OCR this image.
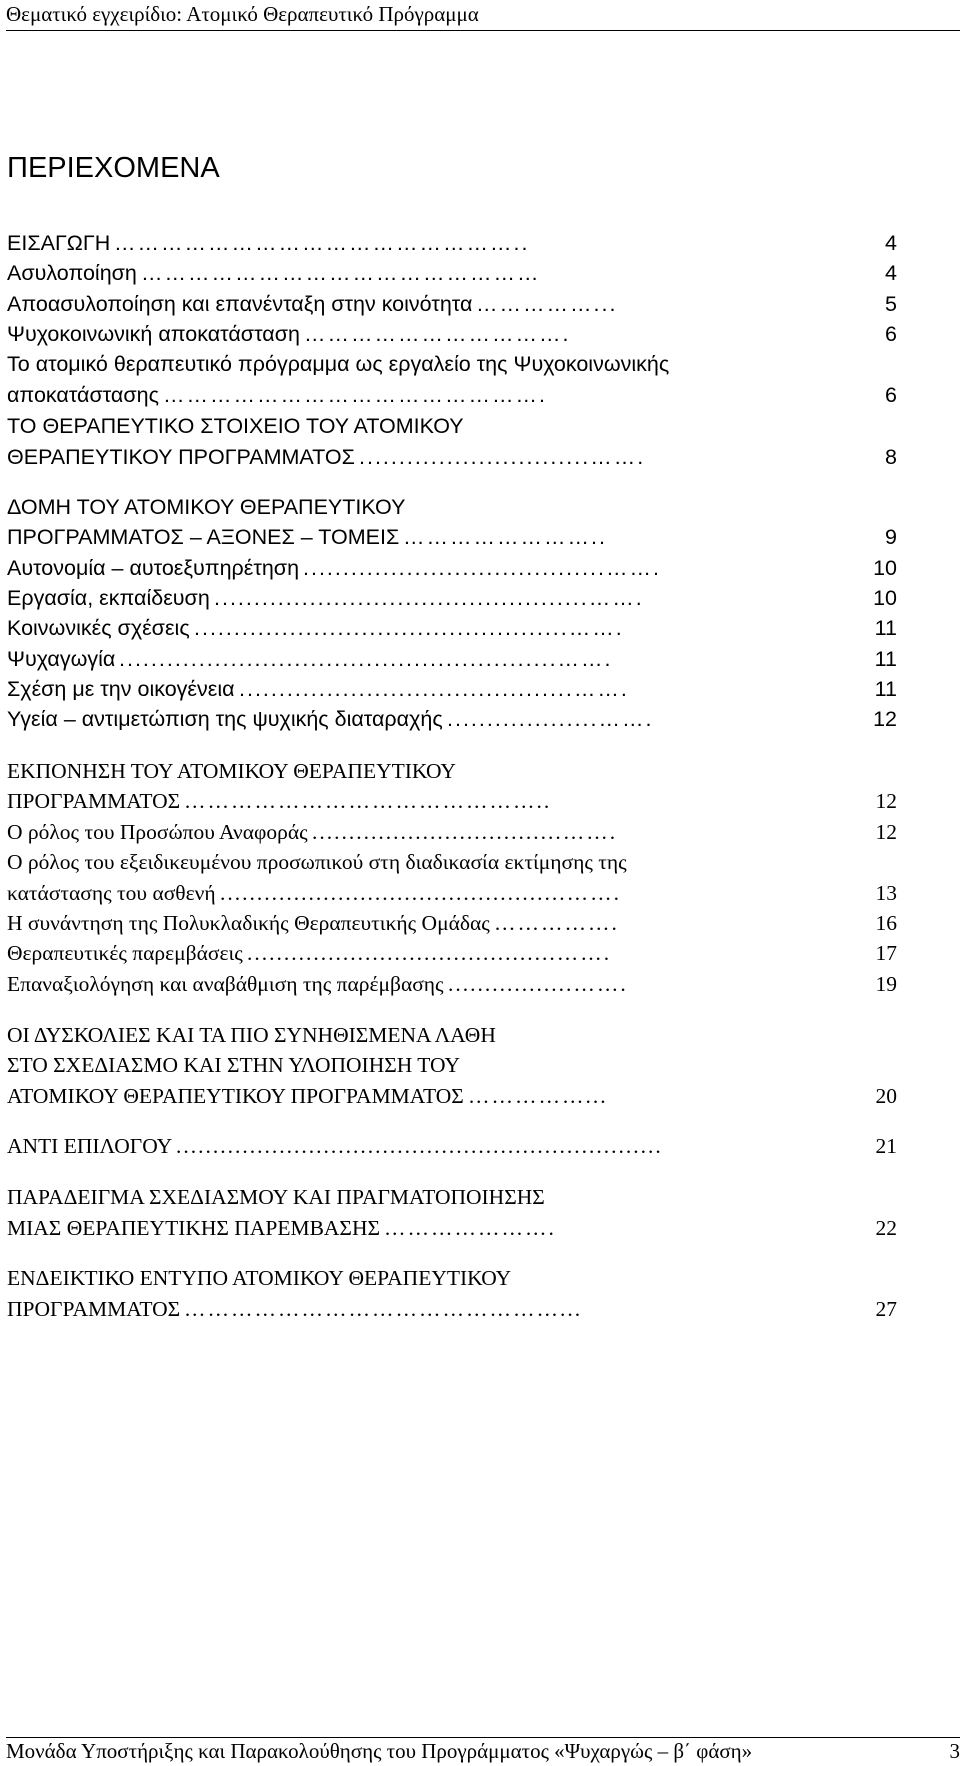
Θεματικό εγχειρίδιο: Ατομικό Θεραπευτικό Πρόγραμμα
ΠΕΡΙΕΧΟΜΕΝΑ
ΕΙΣΑΓΩΓΗ ……………………………………………..	4
Ασυλοποίηση ……………………………………………	4
Αποασυλοποίηση και επανένταξη στην κοινότητα ……………...	5
Ψυχοκοινωνική αποκατάσταση …………………………….	6
Το ατομικό θεραπευτικό πρόγραμμα ως εργαλείο της Ψυχοκοινωνικής
αποκατάστασης ………………………………………….	6
ΤΟ ΘΕΡΑΠΕΥΤΙΚΟ ΣΤΟΙΧΕΙΟ ΤΟΥ ΑΤΟΜΙΚΟΥ
ΘΕΡΑΠΕΥΤΙΚΟΥ ΠΡΟΓΡΑΜΜΑΤΟΣ .............................…….	8
ΔΟΜΗ ΤΟΥ ΑΤΟΜΙΚΟΥ ΘΕΡΑΠΕΥΤΙΚΟΥ
ΠΡΟΓΡΑΜΜΑΤΟΣ – ΑΞΟΝΕΣ – ΤΟΜΕΙΣ ……………………..	9
Αυτονομία – αυτοεξυπηρέτηση ......................................…….	10
Εργασία, εκπαίδευση ...............................................…….	10
Κοινωνικές σχέσεις ...............................................…….	11
Ψυχαγωγία .......................................................…….	11
Σχέση με την οικογένεια ..........................................…….	11
Υγεία – αντιμετώπιση της ψυχικής διαταραχής ...................…….	12
ΕΚΠΟΝΗΣΗ ΤΟΥ ΑΤΟΜΙΚΟΥ ΘΕΡΑΠΕΥΤΙΚΟΥ
ΠΡΟΓΡΑΜΜΑΤΟΣ ………………………………………..	12
Ο ρόλος του Προσώπου Αναφοράς ..................................…….	12
Ο ρόλος του εξειδικευμένου προσωπικού στη διαδικασία εκτίμησης της
κατάστασης του ασθενή ...............................................…….	13
Η συνάντηση της Πολυκλαδικής Θεραπευτικής Ομάδας …………….	16
Θεραπευτικές παρεμβάσεις ..........................................…….	17
Επαναξιολόγηση και αναβάθμιση της παρέμβασης .................…….	19
ΟΙ ΔΥΣΚΟΛΙΕΣ ΚΑΙ ΤΑ ΠΙΟ ΣΥΝΗΘΙΣΜΕΝΑ ΛΑΘΗ
ΣΤΟ ΣΧΕΔΙΑΣΜΟ ΚΑΙ ΣΤΗΝ ΥΛΟΠΟΙΗΣΗ ΤΟΥ
ΑΤΟΜΙΚΟΥ ΘΕΡΑΠΕΥΤΙΚΟΥ ΠΡΟΓΡΑΜΜΑΤΟΣ ……………...	20
ΑΝΤΙ ΕΠΙΛΟΓΟΥ ..................................................................	21
ΠΑΡΑΔΕΙΓΜΑ ΣΧΕΔΙΑΣΜΟΥ ΚΑΙ ΠΡΑΓΜΑΤΟΠΟΙΗΣΗΣ
ΜΙΑΣ ΘΕΡΑΠΕΥΤΙΚΗΣ ΠΑΡΕΜΒΑΣΗΣ ………………….	22
ΕΝΔΕΙΚΤΙΚΟ ΕΝΤΥΠΟ ΑΤΟΜΙΚΟΥ ΘΕΡΑΠΕΥΤΙΚΟΥ
ΠΡΟΓΡΑΜΜΑΤΟΣ …………………………………………...	27
Μονάδα Υποστήριξης και Παρακολούθησης του Προγράμματος «Ψυχαργώς – β΄ φάση»	3
